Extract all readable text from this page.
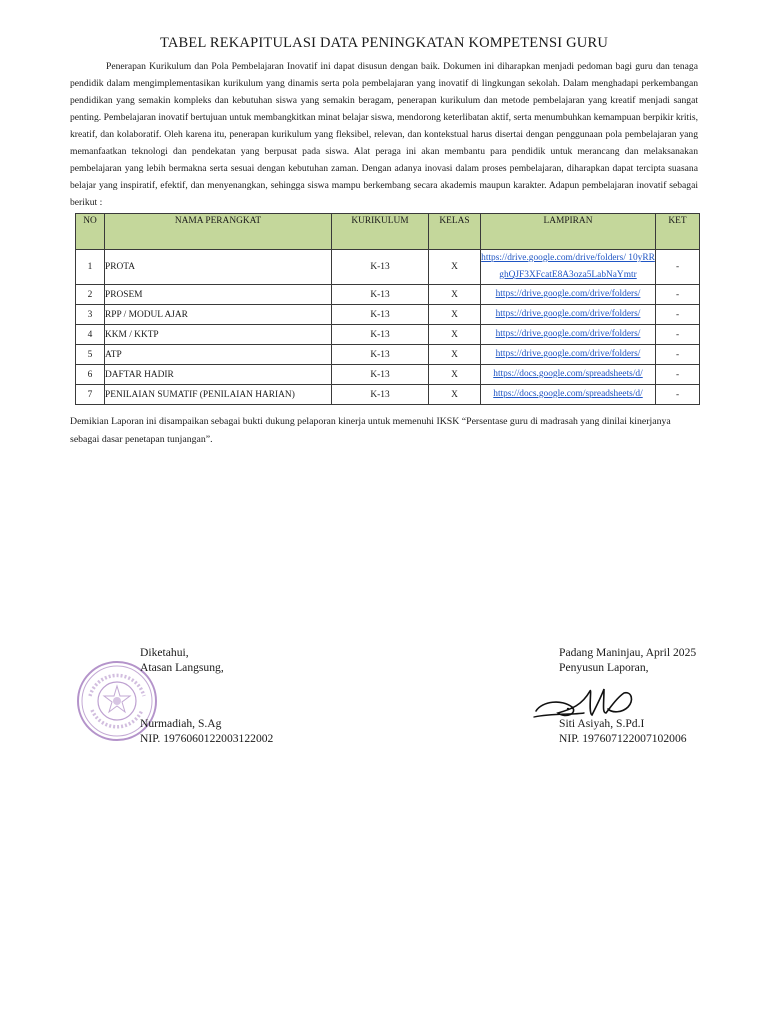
TABEL REKAPITULASI DATA PENINGKATAN KOMPETENSI GURU

Penerapan Kurikulum dan Pola Pembelajaran Inovatif ini dapat disusun dengan baik. Dokumen ini diharapkan menjadi pedoman bagi guru dan tenaga pendidik dalam mengimplementasikan kurikulum yang dinamis serta pola pembelajaran yang inovatif di lingkungan sekolah. Dalam menghadapi perkembangan pendidikan yang semakin kompleks dan kebutuhan siswa yang semakin beragam, penerapan kurikulum dan metode pembelajaran yang kreatif menjadi sangat penting. Pembelajaran inovatif bertujuan untuk membangkitkan minat belajar siswa, mendorong keterlibatan aktif, serta menumbuhkan kemampuan berpikir kritis, kreatif, dan kolaboratif. Oleh karena itu, penerapan kurikulum yang fleksibel, relevan, dan kontekstual harus disertai dengan penggunaan pola pembelajaran yang memanfaatkan teknologi dan pendekatan yang berpusat pada siswa. Alat peraga ini akan membantu para pendidik untuk merancang dan melaksanakan pembelajaran yang lebih bermakna serta sesuai dengan kebutuhan zaman. Dengan adanya inovasi dalam proses pembelajaran, diharapkan dapat tercipta suasana belajar yang inspiratif, efektif, dan menyenangkan, sehingga siswa mampu berkembang secara akademis maupun karakter. Adapun pembelajaran inovatif sebagai berikut :

NO	NAMA PERANGKAT	KURIKULUM	KELAS	LAMPIRAN	KET
1	PROTA	K-13	X	https://drive.google.com/drive/folders/ 10yRRghQJF3XFcatE8A3oza5LabNaYmtr	-
2	PROSEM	K-13	X	https://drive.google.com/drive/folders/	-
3	RPP / MODUL AJAR	K-13	X	https://drive.google.com/drive/folders/	-
4	KKM / KKTP	K-13	X	https://drive.google.com/drive/folders/	-
5	ATP	K-13	X	https://drive.google.com/drive/folders/	-
6	DAFTAR HADIR	K-13	X	https://docs.google.com/spreadsheets/d/	-
7	PENILAIAN SUMATIF (PENILAIAN HARIAN)	K-13	X	https://docs.google.com/spreadsheets/d/	-

Demikian Laporan ini disampaikan sebagai bukti dukung pelaporan kinerja untuk memenuhi IKSK “Persentase guru di madrasah yang dinilai kinerjanya sebagai dasar penetapan tunjangan”.

Diketahui,
Atasan Langsung,
Nurmadiah, S.Ag
NIP. 1976060122003122002
Padang Maninjau, April 2025
Penyusun Laporan,
Siti Asiyah, S.Pd.I
NIP. 197607122007102006
